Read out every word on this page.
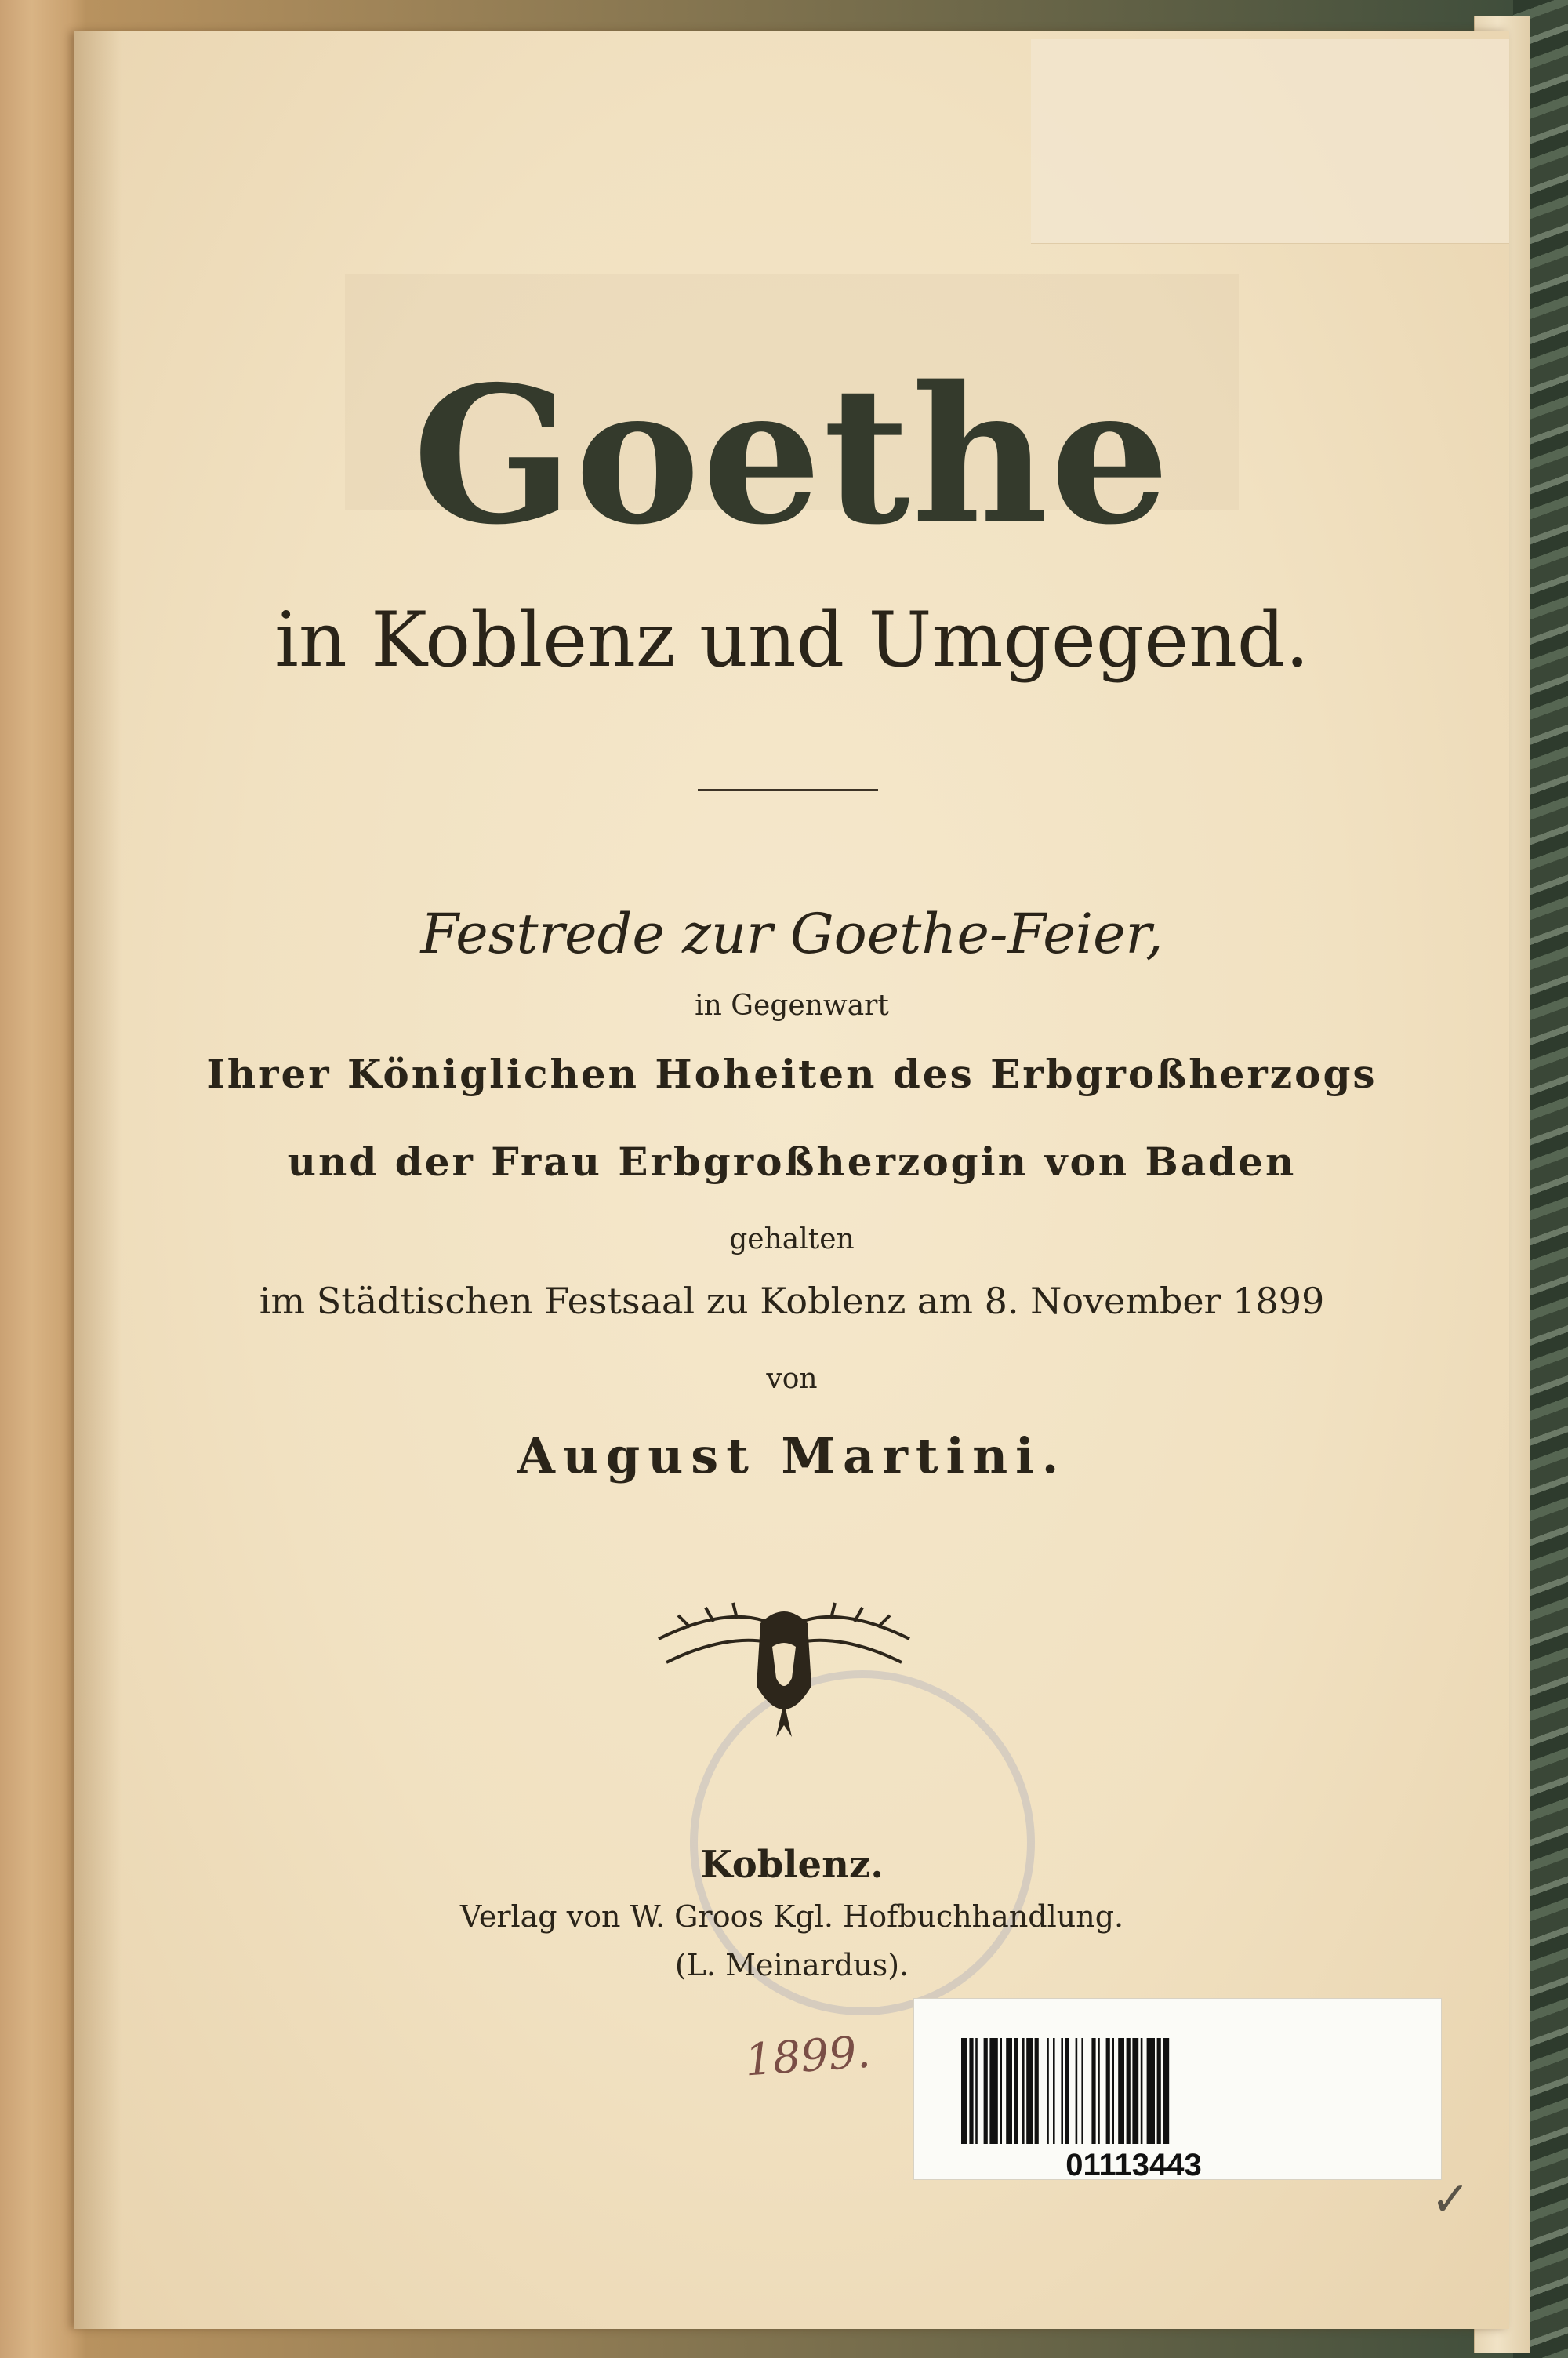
Goethe
in Koblenz und Umgegend.
Festrede zur Goethe-Feier,
in Gegenwart
Ihrer Königlichen Hoheiten des Erbgroßherzogs
und der Frau Erbgroßherzogin von Baden
gehalten
im Städtischen Festsaal zu Koblenz am 8. November 1899
von
August Martini.
Koblenz.
Verlag von W. Groos Kgl. Hofbuchhandlung.
(L. Meinardus).
1899.
01113443
✓
